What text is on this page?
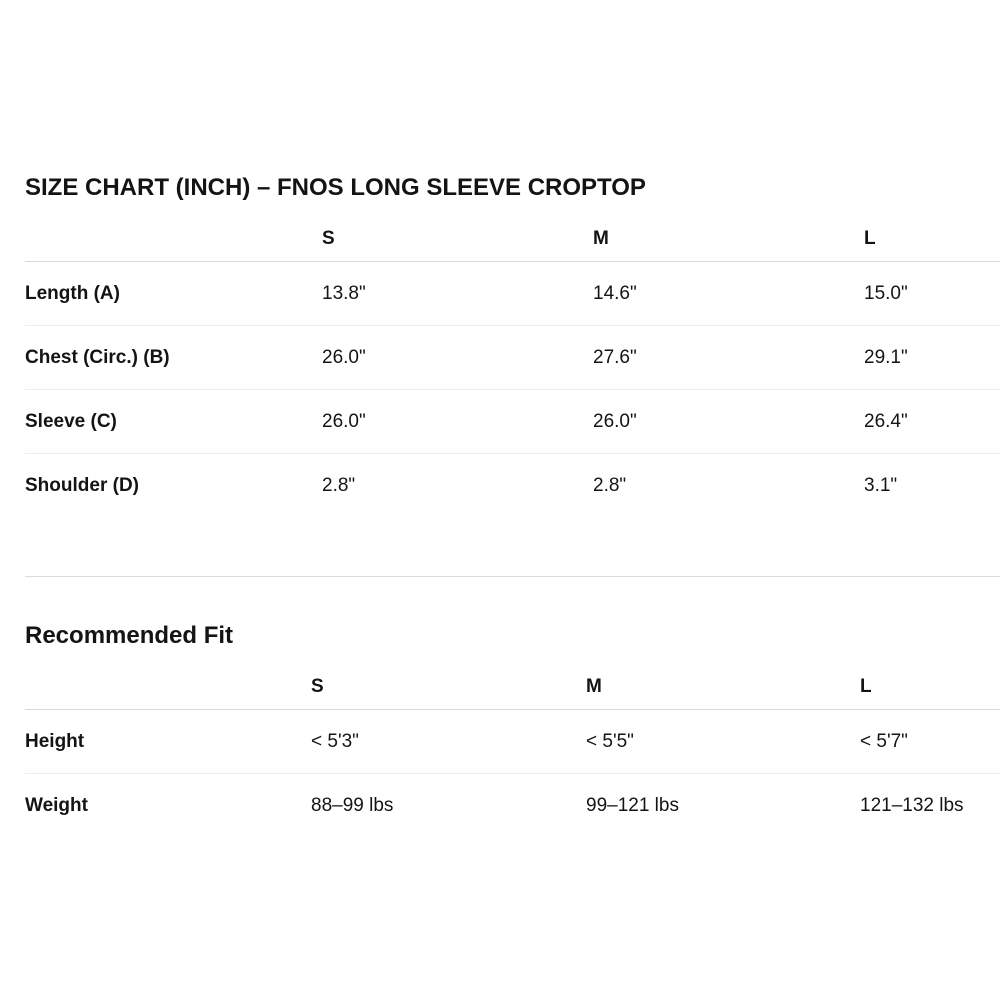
SIZE CHART (INCH) – FNOS LONG SLEEVE CROPTOP
S	M	L
Length (A)	13.8"	14.6"	15.0"
Chest (Circ.) (B)	26.0"	27.6"	29.1"
Sleeve (C)	26.0"	26.0"	26.4"
Shoulder (D)	2.8"	2.8"	3.1"
Recommended Fit
S	M	L
Height	< 5'3"	< 5'5"	< 5'7"
Weight	88–99 lbs	99–121 lbs	121–132 lbs
